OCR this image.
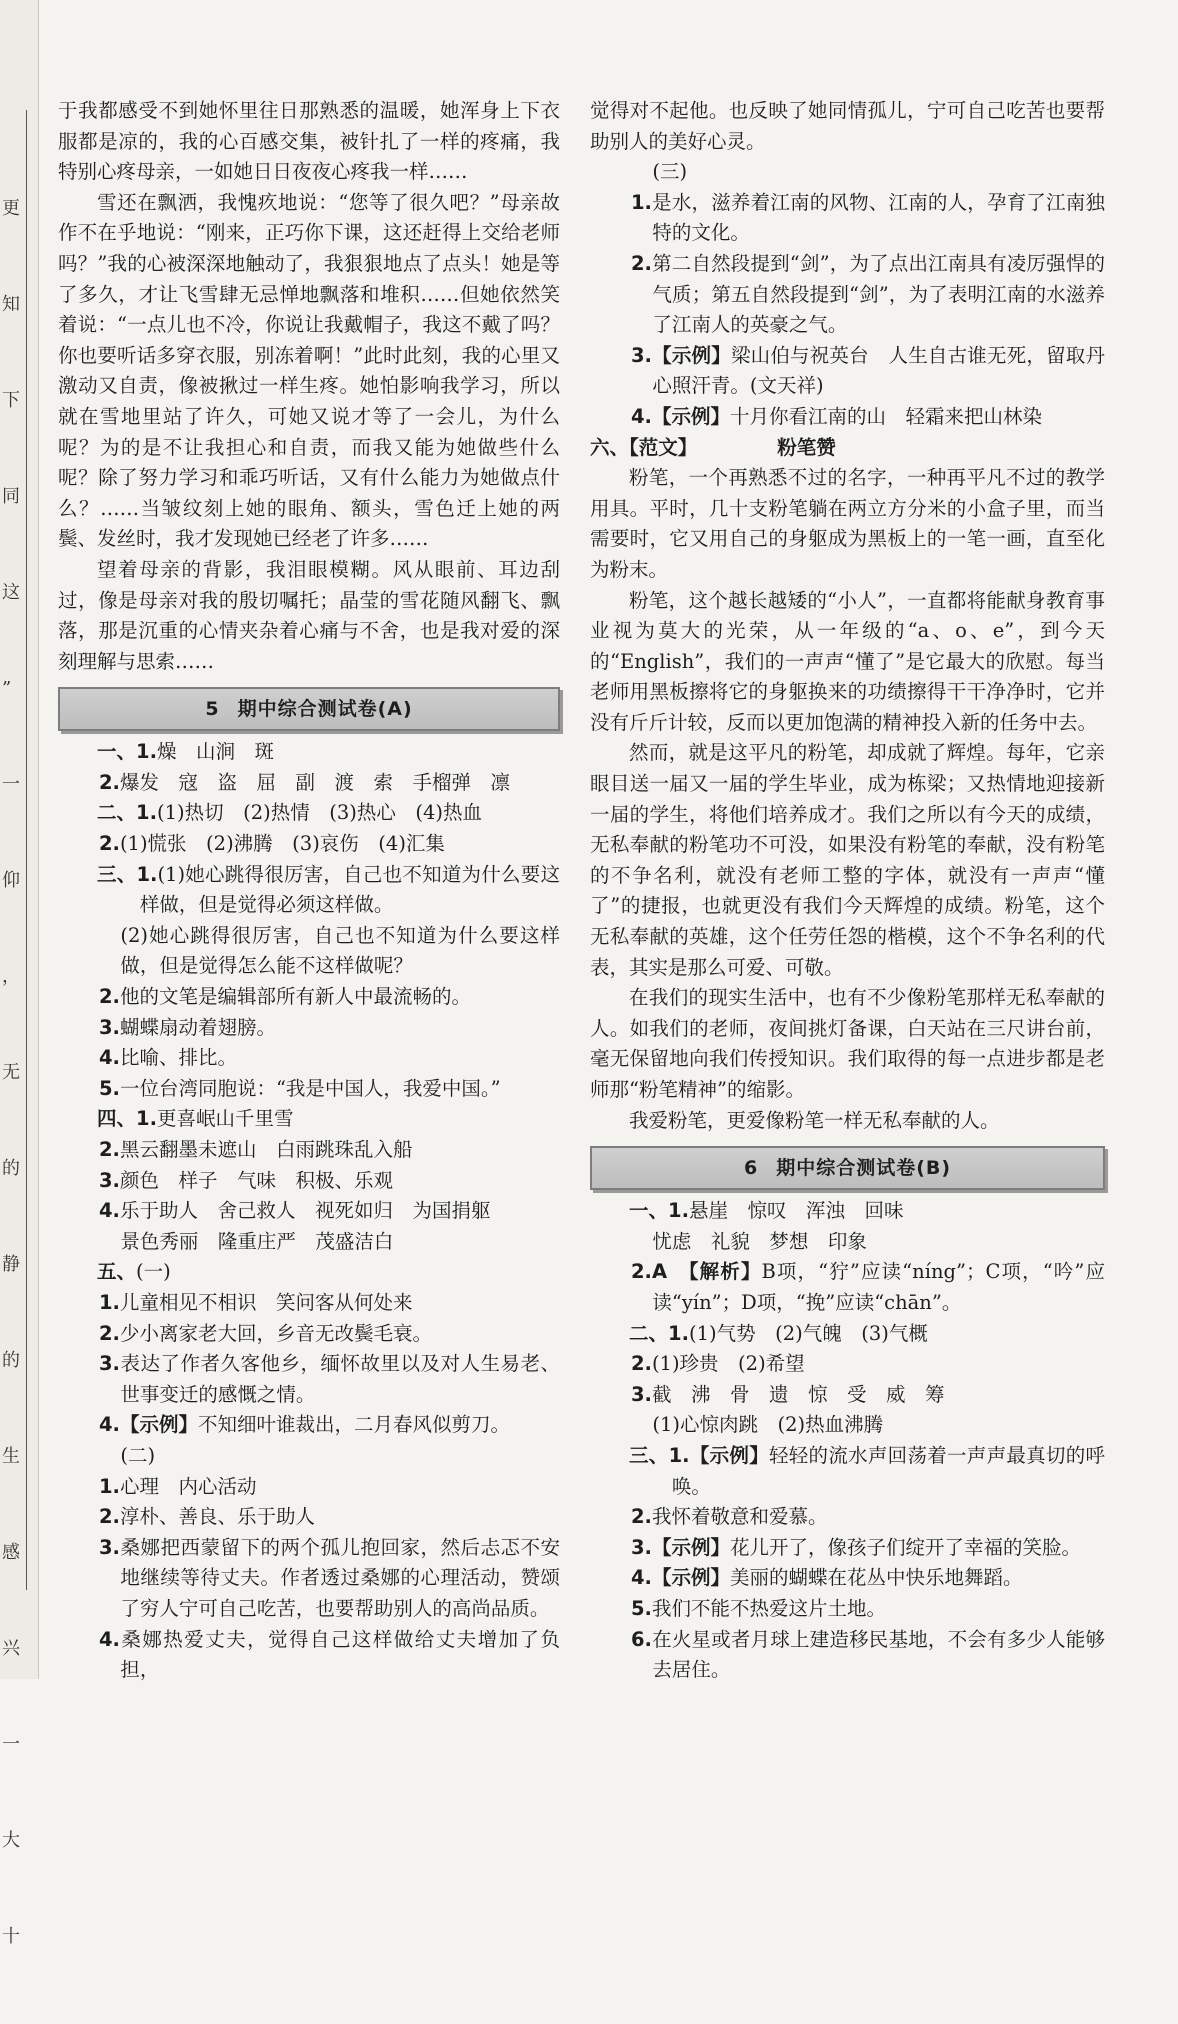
更
知
下
同
这
”
一
仰
，
无
的
静
的
生
感
兴
一
大
十

于我都感受不到她怀里往日那熟悉的温暖，她浑身上下衣服都是凉的，我的心百感交集，被针扎了一样的疼痛，我特别心疼母亲，一如她日日夜夜心疼我一样……

雪还在飘洒，我愧疚地说：“您等了很久吧？”母亲故作不在乎地说：“刚来，正巧你下课，这还赶得上交给老师吗？”我的心被深深地触动了，我狠狠地点了点头！她是等了多久，才让飞雪肆无忌惮地飘落和堆积……但她依然笑着说：“一点儿也不冷，你说让我戴帽子，我这不戴了吗？你也要听话多穿衣服，别冻着啊！”此时此刻，我的心里又激动又自责，像被揪过一样生疼。她怕影响我学习，所以就在雪地里站了许久，可她又说才等了一会儿，为什么呢？为的是不让我担心和自责，而我又能为她做些什么呢？除了努力学习和乖巧听话，又有什么能力为她做点什么？……当皱纹刻上她的眼角、额头，雪色迁上她的两鬓、发丝时，我才发现她已经老了许多……

望着母亲的背影，我泪眼模糊。风从眼前、耳边刮过，像是母亲对我的殷切嘱托；晶莹的雪花随风翻飞、飘落，那是沉重的心情夹杂着心痛与不舍，也是我对爱的深刻理解与思索……

5 期中综合测试卷(A)

一、1.燥　山涧　斑

2.爆发　寇　盗　屈　副　渡　索　手榴弹　凛

二、1.(1)热切　(2)热情　(3)热心　(4)热血

2.(1)慌张　(2)沸腾　(3)哀伤　(4)汇集

三、1.(1)她心跳得很厉害，自己也不知道为什么要这样做，但是觉得必须这样做。

(2)她心跳得很厉害，自己也不知道为什么要这样做，但是觉得怎么能不这样做呢？

2.他的文笔是编辑部所有新人中最流畅的。

3.蝴蝶扇动着翅膀。

4.比喻、排比。

5.一位台湾同胞说：“我是中国人，我爱中国。”

四、1.更喜岷山千里雪

2.黑云翻墨未遮山　白雨跳珠乱入船

3.颜色　样子　气味　积极、乐观

4.乐于助人　舍己救人　视死如归　为国捐躯

景色秀丽　隆重庄严　茂盛洁白

五、(一)

1.儿童相见不相识　笑问客从何处来

2.少小离家老大回，乡音无改鬓毛衰。

3.表达了作者久客他乡，缅怀故里以及对人生易老、世事变迁的感慨之情。

4.【示例】不知细叶谁裁出，二月春风似剪刀。

(二)

1.心理　内心活动

2.淳朴、善良、乐于助人

3.桑娜把西蒙留下的两个孤儿抱回家，然后忐忑不安地继续等待丈夫。作者透过桑娜的心理活动，赞颂了穷人宁可自己吃苦，也要帮助别人的高尚品质。

4.桑娜热爱丈夫，觉得自己这样做给丈夫增加了负担，

觉得对不起他。也反映了她同情孤儿，宁可自己吃苦也要帮助别人的美好心灵。

(三)

1.是水，滋养着江南的风物、江南的人，孕育了江南独特的文化。

2.第二自然段提到“剑”，为了点出江南具有凌厉强悍的气质；第五自然段提到“剑”，为了表明江南的水滋养了江南人的英豪之气。

3.【示例】梁山伯与祝英台　人生自古谁无死，留取丹心照汗青。(文天祥)

4.【示例】十月你看江南的山　轻霜来把山林染

六、【范文】	粉笔赞

粉笔，一个再熟悉不过的名字，一种再平凡不过的教学用具。平时，几十支粉笔躺在两立方分米的小盒子里，而当需要时，它又用自己的身躯成为黑板上的一笔一画，直至化为粉末。

粉笔，这个越长越矮的“小人”，一直都将能献身教育事业视为莫大的光荣，从一年级的“a、o、e”，到今天的“English”，我们的一声声“懂了”是它最大的欣慰。每当老师用黑板擦将它的身躯换来的功绩擦得干干净净时，它并没有斤斤计较，反而以更加饱满的精神投入新的任务中去。

然而，就是这平凡的粉笔，却成就了辉煌。每年，它亲眼目送一届又一届的学生毕业，成为栋梁；又热情地迎接新一届的学生，将他们培养成才。我们之所以有今天的成绩，无私奉献的粉笔功不可没，如果没有粉笔的奉献，没有粉笔的不争名利，就没有老师工整的字体，就没有一声声“懂了”的捷报，也就更没有我们今天辉煌的成绩。粉笔，这个无私奉献的英雄，这个任劳任怨的楷模，这个不争名利的代表，其实是那么可爱、可敬。

在我们的现实生活中，也有不少像粉笔那样无私奉献的人。如我们的老师，夜间挑灯备课，白天站在三尺讲台前，毫无保留地向我们传授知识。我们取得的每一点进步都是老师那“粉笔精神”的缩影。

我爱粉笔，更爱像粉笔一样无私奉献的人。

6 期中综合测试卷(B)

一、1.悬崖　惊叹　浑浊　回味

忧虑　礼貌　梦想　印象

2.A　【解析】B项，“狞”应读“níng”；C项，“吟”应读“yín”；D项，“挽”应读“chān”。

二、1.(1)气势　(2)气魄　(3)气概

2.(1)珍贵　(2)希望

3.截　沸　骨　遗　惊　受　威　筹

(1)心惊肉跳　(2)热血沸腾

三、1.【示例】轻轻的流水声回荡着一声声最真切的呼唤。

2.我怀着敬意和爱慕。

3.【示例】花儿开了，像孩子们绽开了幸福的笑脸。

4.【示例】美丽的蝴蝶在花丛中快乐地舞蹈。

5.我们不能不热爱这片土地。

6.在火星或者月球上建造移民基地，不会有多少人能够去居住。
